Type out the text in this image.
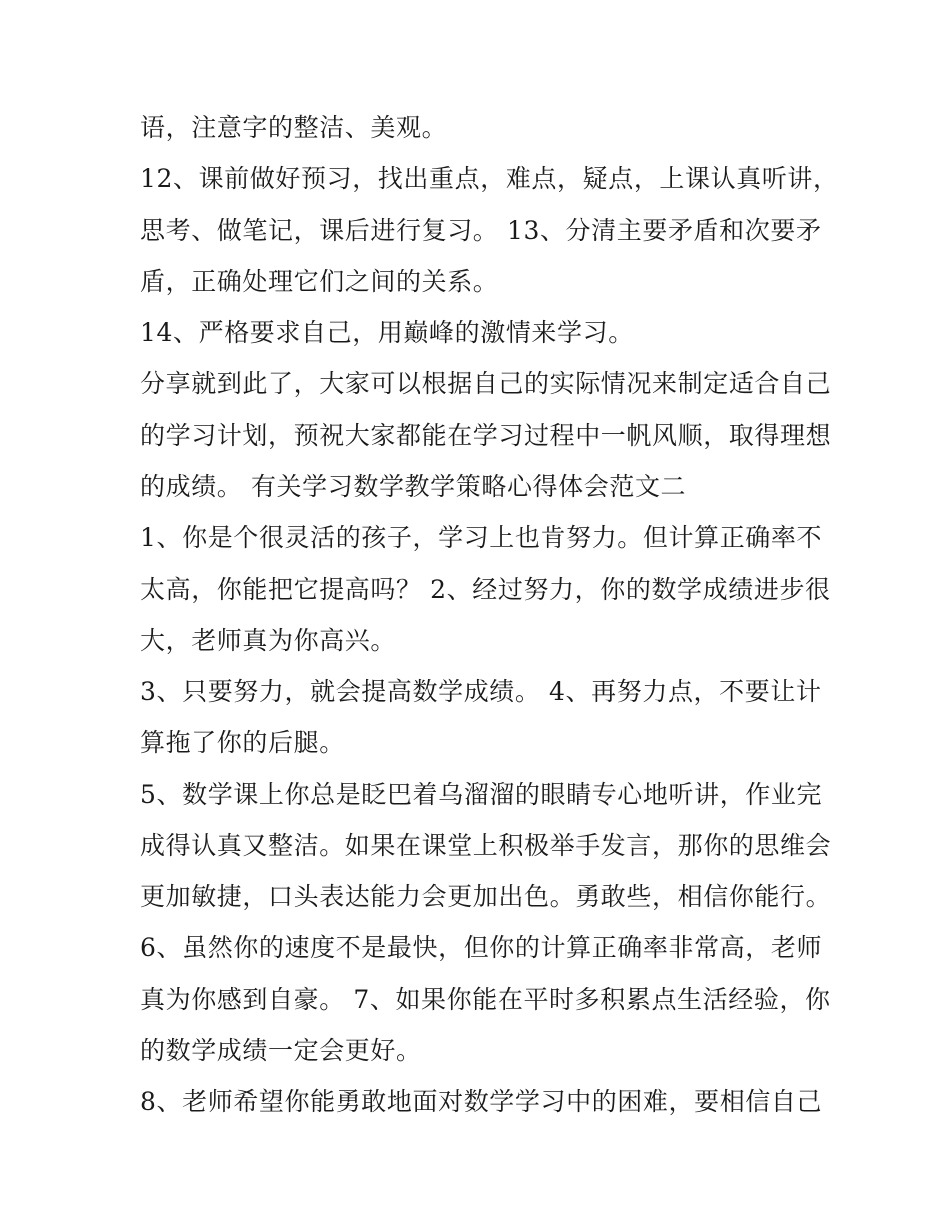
语，注意字的整洁、美观。
12、课前做好预习，找出重点，难点，疑点，上课认真听讲，
思考、做笔记，课后进行复习。 13、分清主要矛盾和次要矛
盾，正确处理它们之间的关系。
14、严格要求自己，用巅峰的激情来学习。
分享就到此了，大家可以根据自己的实际情况来制定适合自己
的学习计划，预祝大家都能在学习过程中一帆风顺，取得理想
的成绩。 有关学习数学教学策略心得体会范文二
1、你是个很灵活的孩子，学习上也肯努力。但计算正确率不
太高，你能把它提高吗？ 2、经过努力，你的数学成绩进步很
大，老师真为你高兴。
3、只要努力，就会提高数学成绩。 4、再努力点，不要让计
算拖了你的后腿。
5、数学课上你总是眨巴着乌溜溜的眼睛专心地听讲，作业完
成得认真又整洁。如果在课堂上积极举手发言，那你的思维会
更加敏捷，口头表达能力会更加出色。勇敢些，相信你能行。
6、虽然你的速度不是最快，但你的计算正确率非常高，老师
真为你感到自豪。 7、如果你能在平时多积累点生活经验，你
的数学成绩一定会更好。
8、老师希望你能勇敢地面对数学学习中的困难，要相信自己
